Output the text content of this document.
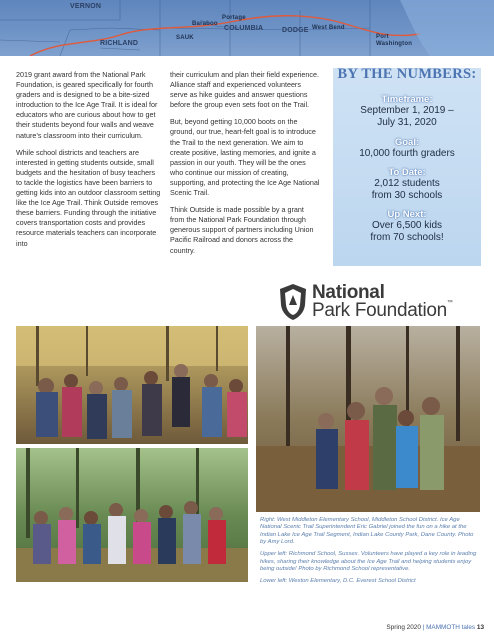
VERNON
RICHLAND
SAUK
Baraboo
Portage
COLUMBIA	DODGE West Bend
Port Washington

2019 grant award from the National Park Foundation, is geared specifically for fourth graders and is designed to be a bite-sized introduction to the Ice Age Trail. It is ideal for educators who are curious about how to get their students beyond four walls and weave nature’s classroom into their curriculum.

While school districts and teachers are interested in getting students outside, small budgets and the hesitation of busy teachers to tackle the logistics have been barriers to getting kids into an outdoor classroom setting like the Ice Age Trail. Think Outside removes these barriers. Funding through the initiative covers transportation costs and provides resource materials teachers can incorporate into

their curriculum and plan their field experience. Alliance staff and experienced volunteers serve as hike guides and answer questions before the group even sets foot on the Trail.

But, beyond getting 10,000 boots on the ground, our true, heart-felt goal is to introduce the Trail to the next generation. We aim to create positive, lasting memories, and ignite a passion in our youth. They will be the ones who continue our mission of creating, supporting, and protecting the Ice Age National Scenic Trail.

Think Outside is made possible by a grant from the National Park Foundation through generous support of partners including Union Pacific Railroad and donors across the country.

BY THE NUMBERS:
Timeframe:
September 1, 2019 –
July 31, 2020
Goal:
10,000 fourth graders
To Date:
2,012 students
from 30 schools
Up Next:
Over 6,500 kids
from 70 schools!
National
Park Foundation™

Right: West Middleton Elementary School, Middleton School District. Ice Age National Scenic Trail Superintendent Eric Gabriel joined the fun on a hike at the Indian Lake Ice Age Trail Segment, Indian Lake County Park, Dane County. Photo by Amy Lord.

Upper left: Richmond School, Sussex. Volunteers have played a key role in leading hikes, sharing their knowledge about the Ice Age Trail and helping students enjoy being outside! Photo by Richmond School representative.

Lower left: Weston Elementary, D.C. Everest School District

Spring 2020 | MAMMOTH tales 13
